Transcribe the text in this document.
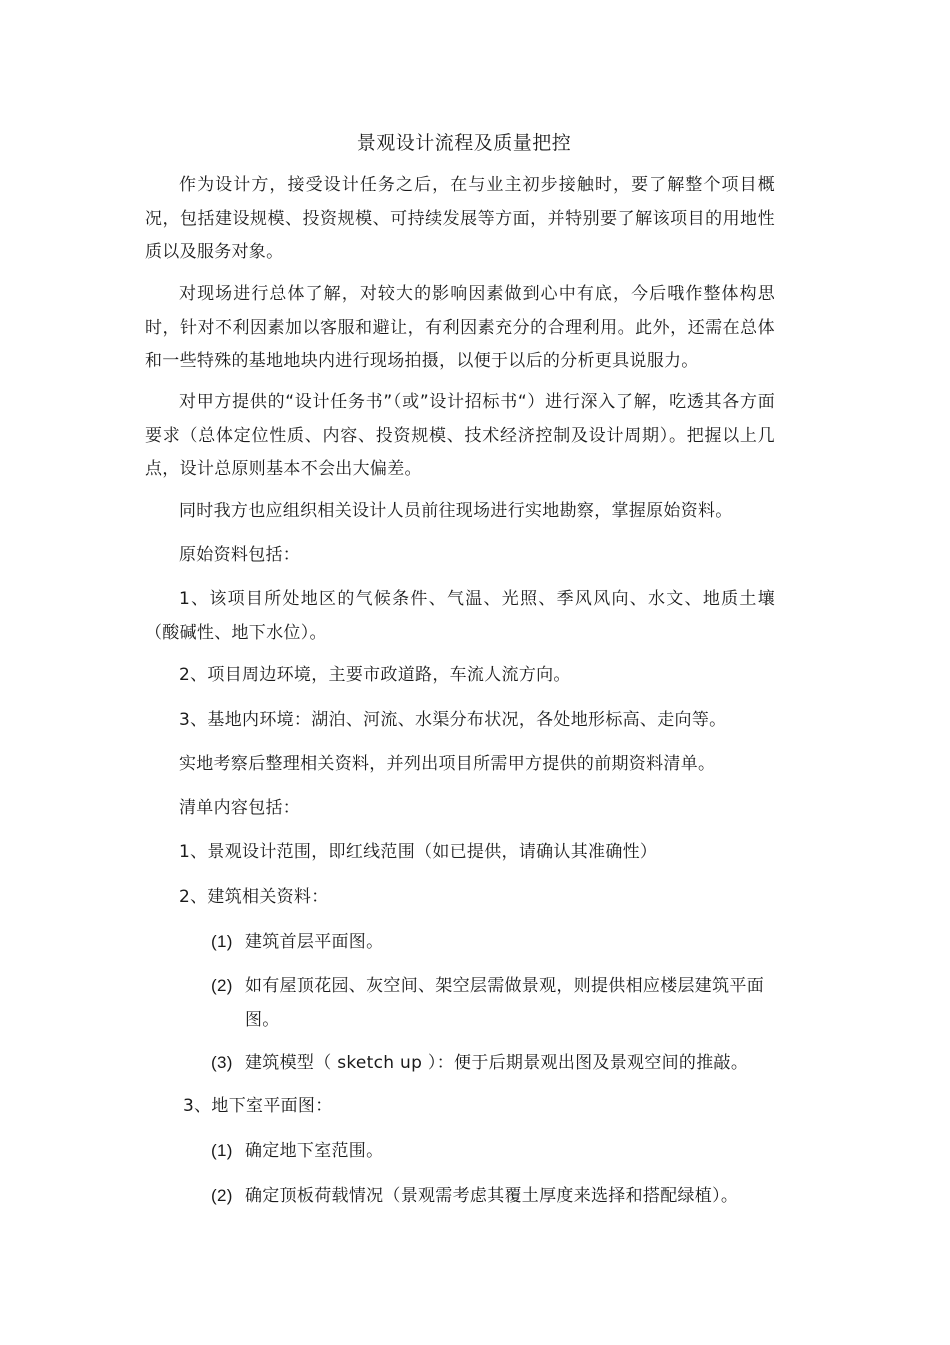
景观设计流程及质量把控

作为设计方，接受设计任务之后，在与业主初步接触时，要了解整个项目概况，包括建设规模、投资规模、可持续发展等方面，并特别要了解该项目的用地性质以及服务对象。

对现场进行总体了解，对较大的影响因素做到心中有底，今后哦作整体构思时，针对不利因素加以客服和避让，有利因素充分的合理利用。此外，还需在总体和一些特殊的基地地块内进行现场拍摄，以便于以后的分析更具说服力。

对甲方提供的“设计任务书”（或”设计招标书“）进行深入了解，吃透其各方面要求（总体定位性质、内容、投资规模、技术经济控制及设计周期）。把握以上几点，设计总原则基本不会出大偏差。

同时我方也应组织相关设计人员前往现场进行实地勘察，掌握原始资料。

原始资料包括：

1、该项目所处地区的气候条件、气温、光照、季风风向、水文、地质土壤（酸碱性、地下水位）。

2、项目周边环境，主要市政道路，车流人流方向。

3、基地内环境：湖泊、河流、水渠分布状况，各处地形标高、走向等。

实地考察后整理相关资料，并列出项目所需甲方提供的前期资料清单。

清单内容包括：

1、景观设计范围，即红线范围（如已提供，请确认其准确性）

2、建筑相关资料：

(1) 建筑首层平面图。
(2) 如有屋顶花园、灰空间、架空层需做景观，则提供相应楼层建筑平面图。
(3) 建筑模型（ sketch up ）：便于后期景观出图及景观空间的推敲。

3、地下室平面图：

(1) 确定地下室范围。
(2) 确定顶板荷载情况（景观需考虑其覆土厚度来选择和搭配绿植）。
